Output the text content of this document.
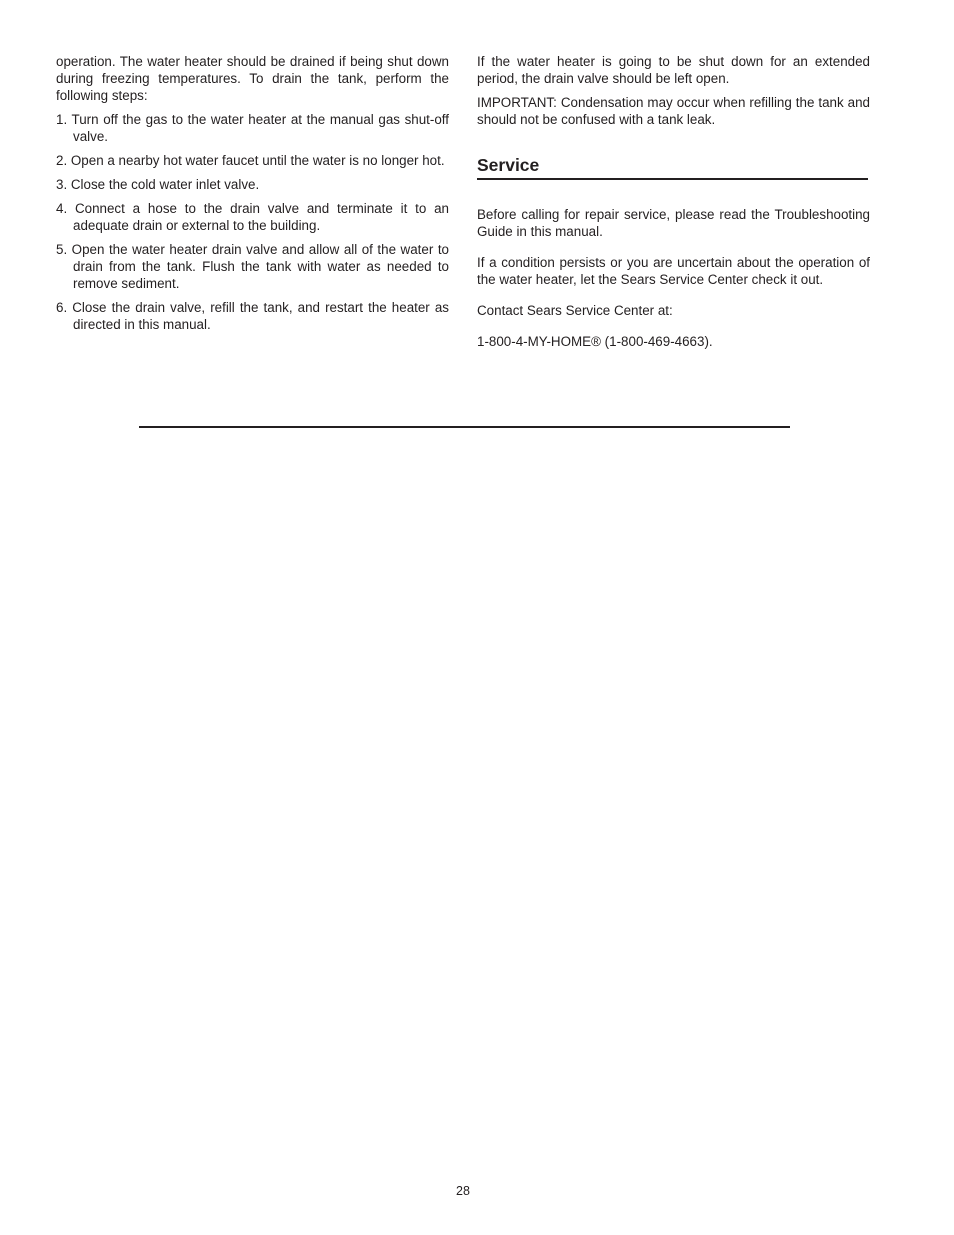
operation. The water heater should be drained if being shut down during freezing temperatures. To drain the tank, perform the following steps:

1. Turn off the gas to the water heater at the manual gas shut-off valve.
2. Open a nearby hot water faucet until the water is no longer hot.
3. Close the cold water inlet valve.
4. Connect a hose to the drain valve and terminate it to an adequate drain or external to the building.
5. Open the water heater drain valve and allow all of the water to drain from the tank. Flush the tank with water as needed to remove sediment.
6. Close the drain valve, refill the tank, and restart the heater as directed in this manual.

If the water heater is going to be shut down for an extended period, the drain valve should be left open.

IMPORTANT: Condensation may occur when refilling the tank and should not be confused with a tank leak.

Service

Before calling for repair service, please read the Troubleshooting Guide in this manual.

If a condition persists or you are uncertain about the operation of the water heater, let the Sears Service Center check it out.

Contact Sears Service Center at:

1-800-4-MY-HOME® (1-800-469-4663).

28
